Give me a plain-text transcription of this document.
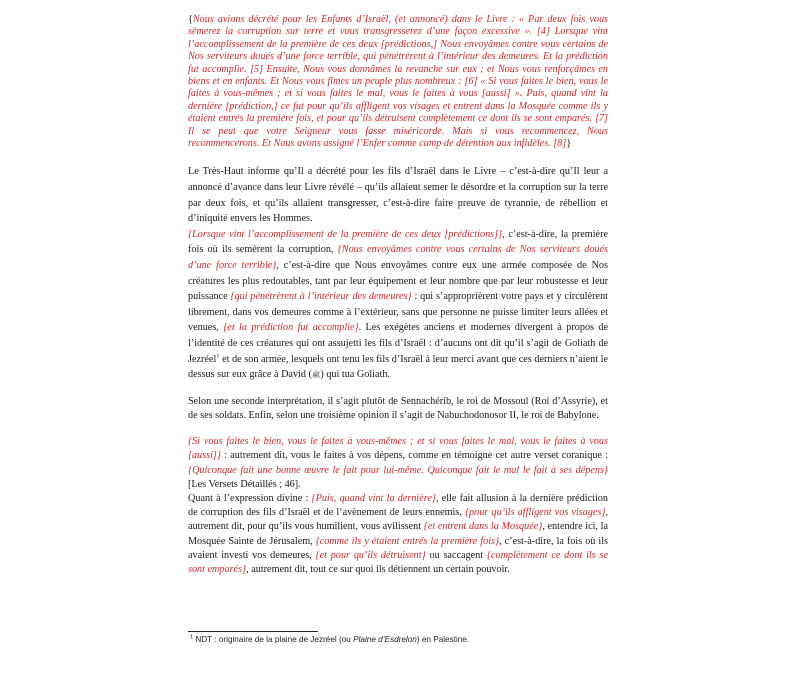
{Nous avions décrété pour les Enfants d’Israël, (et annoncé) dans le Livre : « Par deux fois vous sèmerez la corruption sur terre et vous transgresserez d’une façon excessive ». [4] Lorsque vint l’accomplissement de la première de ces deux [prédictions,] Nous envoyâmes contre vous certains de Nos serviteurs doués d’une force terrible, qui pénétrèrent à l’intérieur des demeures. Et la prédiction fut accomplie. [5] Ensuite, Nous vous donnâmes la revanche sur eux ; et Nous vous renforçâmes en biens et en enfants. Et Nous vous fîmes un peuple plus nombreux : [6] « Si vous faites le bien, vous le faites à vous-mêmes ; et si vous faites le mal, vous le faites à vous [aussi] ». Puis, quand vint la dernière [prédiction,] ce fut pour qu’ils affligent vos visages et entrent dans la Mosquée comme ils y étaient entrés la première fois, et pour qu’ils détruisent complètement ce dont ils se sont emparés. [7] Il se peut que votre Seigneur vous fasse miséricorde. Mais si vous recommencez, Nous recommencerons. Et Nous avons assigné l’Enfer comme camp de détention aux infidèles. [8]}

Le Très-Haut informe qu’Il a décrété pour les fils d’Israël dans le Livre – c’est-à-dire qu’Il leur a annoncé d’avance dans leur Livre révélé – qu’ils allaient semer le désordre et la corruption sur la terre par deux fois, et qu’ils allaient transgresser, c’est-à-dire faire preuve de tyrannie, de rébellion et d’iniquité envers les Hommes.

{Lorsque vint l’accomplissement de la première de ces deux [prédictions]}, c’est-à-dire, la première fois où ils semèrent la corruption, {Nous envoyâmes contre vous certains de Nos serviteurs doués d’une force terrible}, c’est-à-dire que Nous envoyâmes contre eux une armée composée de Nos créatures les plus redoutables, tant par leur équipement et leur nombre que par leur robustesse et leur puissance {qui pénétrèrent à l’intérieur des demeures} : qui s’approprièrent votre pays et y circulèrent librement, dans vos demeures comme à l’extérieur, sans que personne ne puisse limiter leurs allées et venues, {et la prédiction fut accomplie}. Les exégètes anciens et modernes divergent à propos de l’identité de ces créatures qui ont assujetti les fils d’Israël : d’aucuns ont dit qu’il s’agit de Goliath de Jezréel$^1$ et de son armée, lesquels ont tenu les fils d’Israël à leur merci avant que ces derniers n’aient le dessus sur eux grâce à David (ﷺ) qui tua Goliath.

Selon une seconde interprétation, il s’agit plutôt de Sennachérib, le roi de Mossoul (Roi d’Assyrie), et de ses soldats. Enfin, selon une troisième opinion il s’agit de Nabuchodonosor II, le roi de Babylone.

{Si vous faites le bien, vous le faites à vous-mêmes ; et si vous faites le mal, vous le faites à vous [aussi]} : autrement dit, vous le faites à vos dépens, comme en témoigne cet autre verset coranique : {Quiconque fait une bonne œuvre le fait pour lui-même. Quiconque fait le mal le fait à ses dépens} [Les Versets Détaillés ; 46].

Quant à l’expression divine : {Puis, quand vint la dernière}, elle fait allusion à la dernière prédiction de corruption des fils d’Israël et de l’avènement de leurs ennemis, {pour qu’ils affligent vos visages}, autrement dit, pour qu’ils vous humilient, vous avilissent {et entrent dans la Mosquée}, entendre ici, la Mosquée Sainte de Jérusalem, {comme ils y étaient entrés la première fois}, c’est-à-dire, la fois où ils avaient investi vos demeures, {et pour qu’ils détruisent} ou saccagent {complètement ce dont ils se sont emparés}, autrement dit, tout ce sur quoi ils détiennent un certain pouvoir.

$^1$ NDT : originaire de la plaine de Jezréel (ou Plaine d’Esdrelon) en Palestine.
